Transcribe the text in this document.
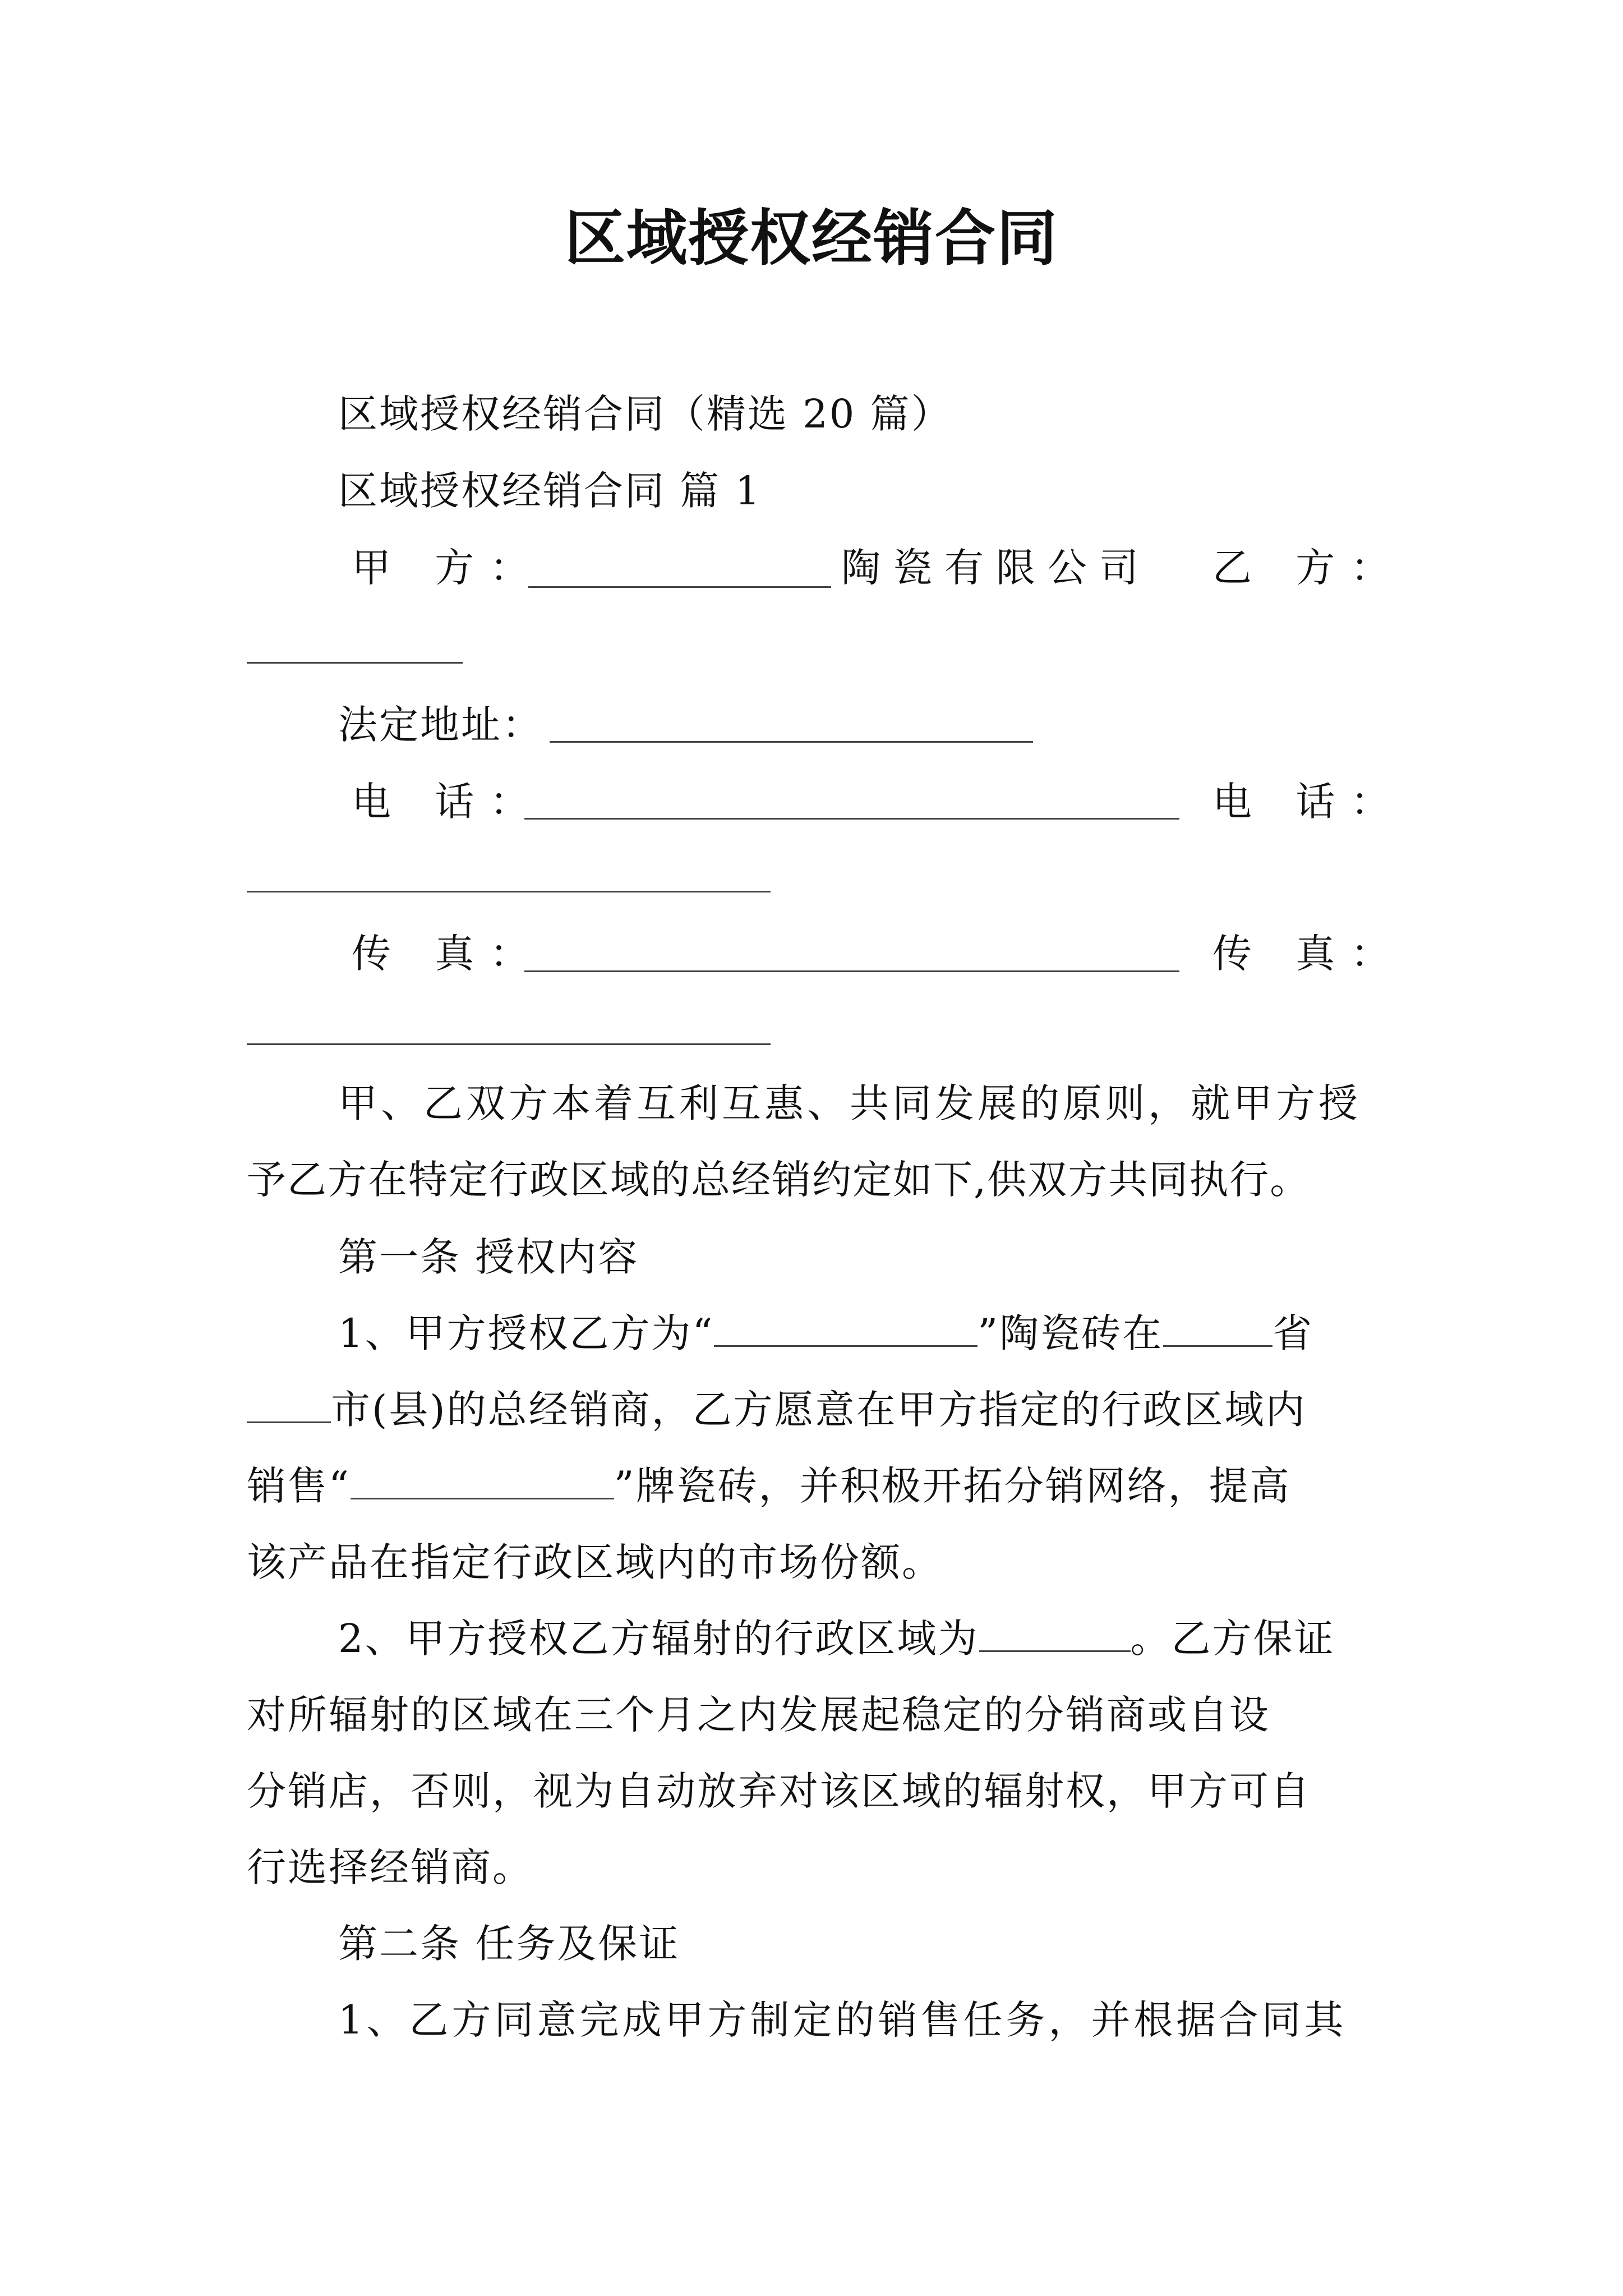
区域授权经销合同
区域授权经销合同（精选 20 篇）
区域授权经销合同 篇 1
甲 方：	陶瓷有限公司 乙 方：
法定地址：
电 话：	电 话：
传 真：	传 真：
甲、乙双方本着互利互惠、共同发展的原则，就甲方授
予乙方在特定行政区域的总经销约定如下,供双方共同执行。
第一条 授权内容
1、甲方授权乙方为“	”陶瓷砖在	省
市(县)的总经销商，乙方愿意在甲方指定的行政区域内
销售“	”牌瓷砖，并积极开拓分销网络，提高
该产品在指定行政区域内的市场份额。
2、甲方授权乙方辐射的行政区域为	。乙方保证
对所辐射的区域在三个月之内发展起稳定的分销商或自设
分销店，否则，视为自动放弃对该区域的辐射权，甲方可自
行选择经销商。
第二条 任务及保证
1、乙方同意完成甲方制定的销售任务，并根据合同其
